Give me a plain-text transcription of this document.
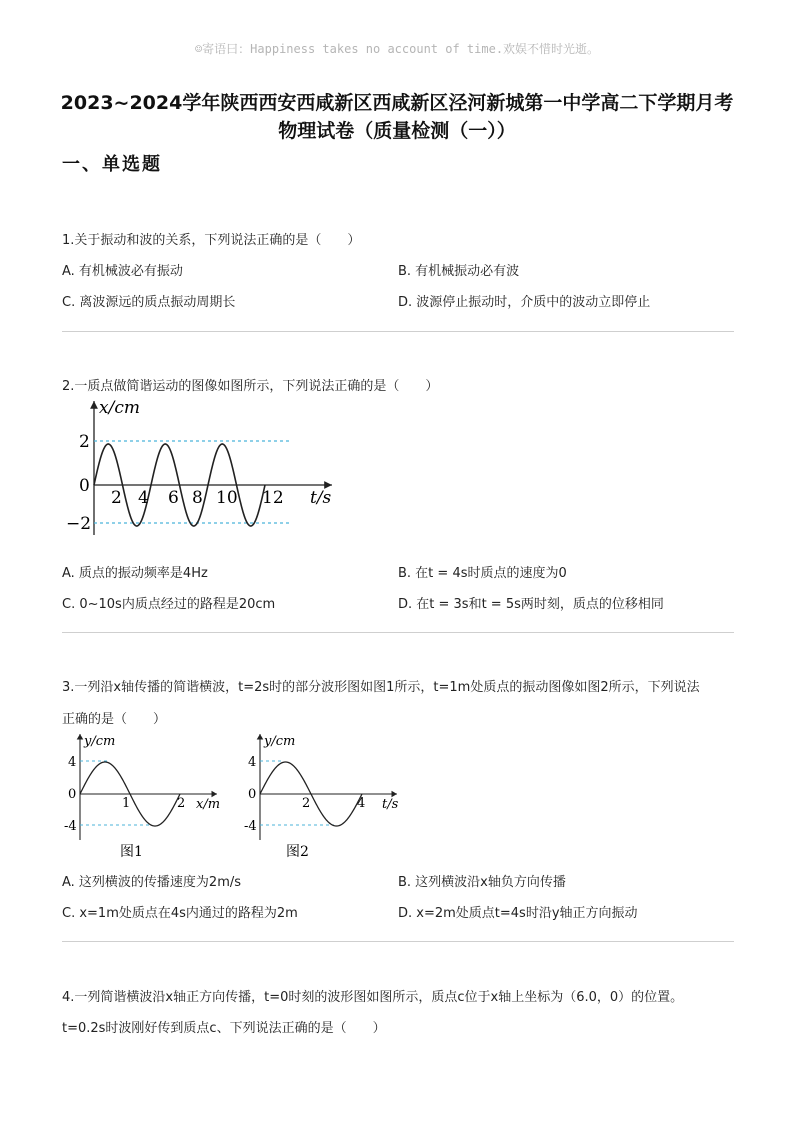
☺寄语曰：Happiness takes no account of time.欢娱不惜时光逝。
2023~2024学年陕西西安西咸新区西咸新区泾河新城第一中学高二下学期月考
物理试卷（质量检测（一））
一、单选题
1.关于振动和波的关系，下列说法正确的是（　　）
A. 有机械波必有振动	B. 有机械振动必有波
C. 离波源远的质点振动周期长	D. 波源停止振动时，介质中的波动立即停止
2.一质点做简谐运动的图像如图所示，下列说法正确的是（　　）
x/cm
t/s
2
0
−2
2 4 6 8 10 12
A. 质点的振动频率是4Hz	B. 在t = 4s时质点的速度为0
C. 0~10s内质点经过的路程是20cm	D. 在t = 3s和t = 5s两时刻，质点的位移相同
3.一列沿x轴传播的简谐横波，t=2s时的部分波形图如图1所示，t=1m处质点的振动图像如图2所示，下列说法
正确的是（　　）
y/cm
x/m
4
0
-4
1	2
图1
y/cm
t/s
4
0
-4
2	4
图2
A. 这列横波的传播速度为2m/s	B. 这列横波沿x轴负方向传播
C. x=1m处质点在4s内通过的路程为2m	D. x=2m处质点t=4s时沿y轴正方向振动
4.一列简谐横波沿x轴正方向传播，t=0时刻的波形图如图所示，质点c位于x轴上坐标为（6.0，0）的位置。
t=0.2s时波刚好传到质点c、下列说法正确的是（　　）
